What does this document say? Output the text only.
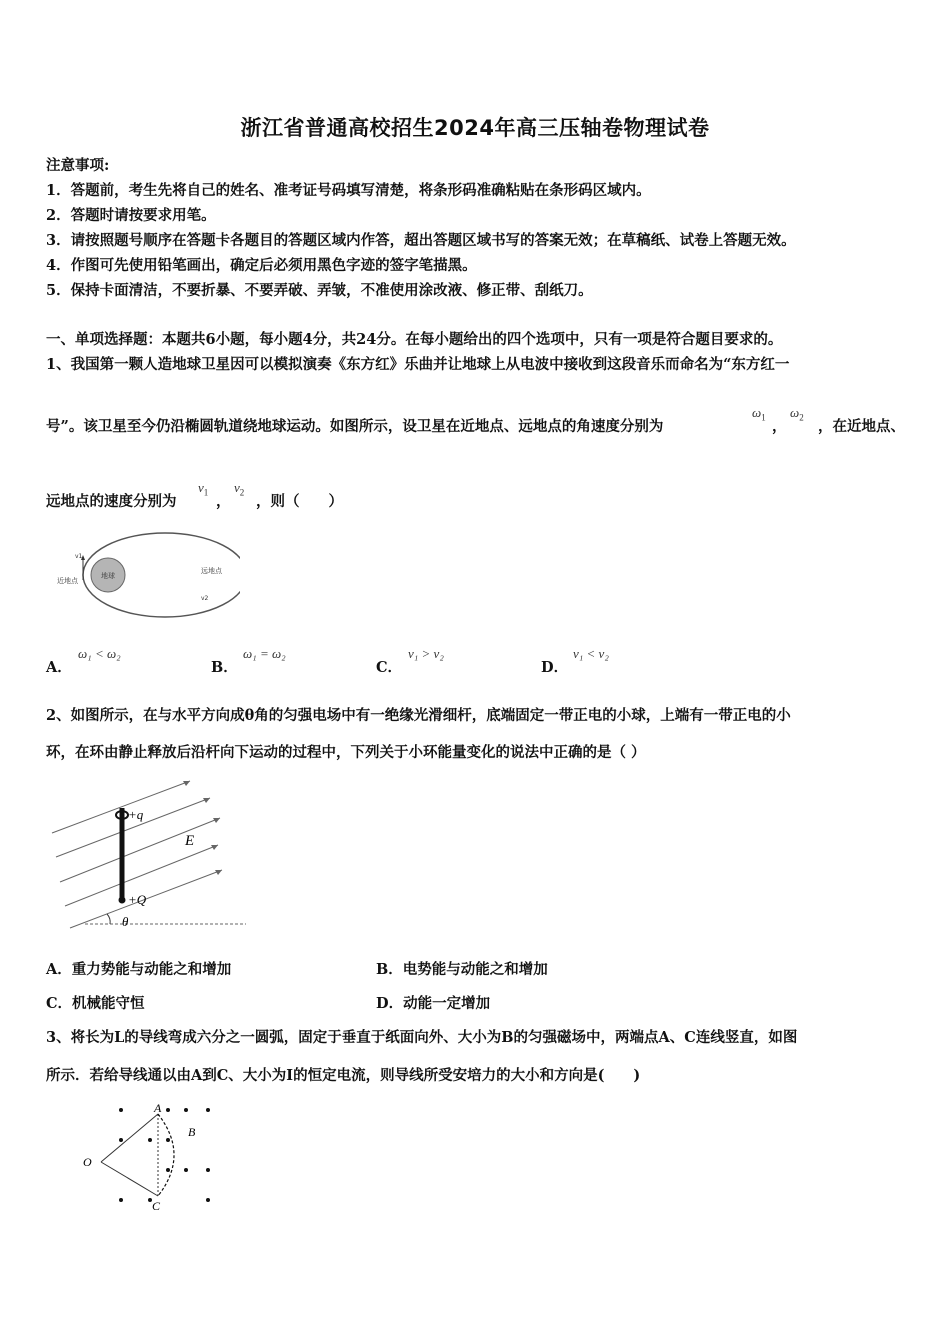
浙江省普通高校招生2024年高三压轴卷物理试卷
注意事项:
1．答题前，考生先将自己的姓名、准考证号码填写清楚，将条形码准确粘贴在条形码区域内。
2．答题时请按要求用笔。
3．请按照题号顺序在答题卡各题目的答题区域内作答，超出答题区域书写的答案无效；在草稿纸、试卷上答题无效。
4．作图可先使用铅笔画出，确定后必须用黑色字迹的签字笔描黑。
5．保持卡面清洁，不要折暴、不要弄破、弄皱，不准使用涂改液、修正带、刮纸刀。
一、单项选择题：本题共6小题，每小题4分，共24分。在每小题给出的四个选项中，只有一项是符合题目要求的。
1、我国第一颗人造地球卫星因可以模拟演奏《东方红》乐曲并让地球上从电波中接收到这段音乐而命名为“东方红一
号”。该卫星至今仍沿椭圆轨道绕地球运动。如图所示，设卫星在近地点、远地点的角速度分别为
$\omega_1$
，
$\omega_2$
，在近地点、
远地点的速度分别为
$v_1$
，
$v_2$
，则（　　）
地球
v1
近地点
v2
远地点
A．
ω₁ < ω₂
B．
ω₁ = ω₂
C．
v₁ > v₂
D．
v₁ < v₂
2、如图所示，在与水平方向成θ角的匀强电场中有一绝缘光滑细杆，底端固定一带正电的小球，上端有一带正电的小
环，在环由静止释放后沿杆向下运动的过程中，下列关于小环能量变化的说法中正确的是（ ）
+q
+Q
E
θ
A．重力势能与动能之和增加	B．电势能与动能之和增加
C．机械能守恒	D．动能一定增加
3、将长为L的导线弯成六分之一圆弧，固定于垂直于纸面向外、大小为B的匀强磁场中，两端点A、C连线竖直，如图
所示．若给导线通以由A到C、大小为I的恒定电流，则导线所受安培力的大小和方向是(　　)
A
B
C
O
